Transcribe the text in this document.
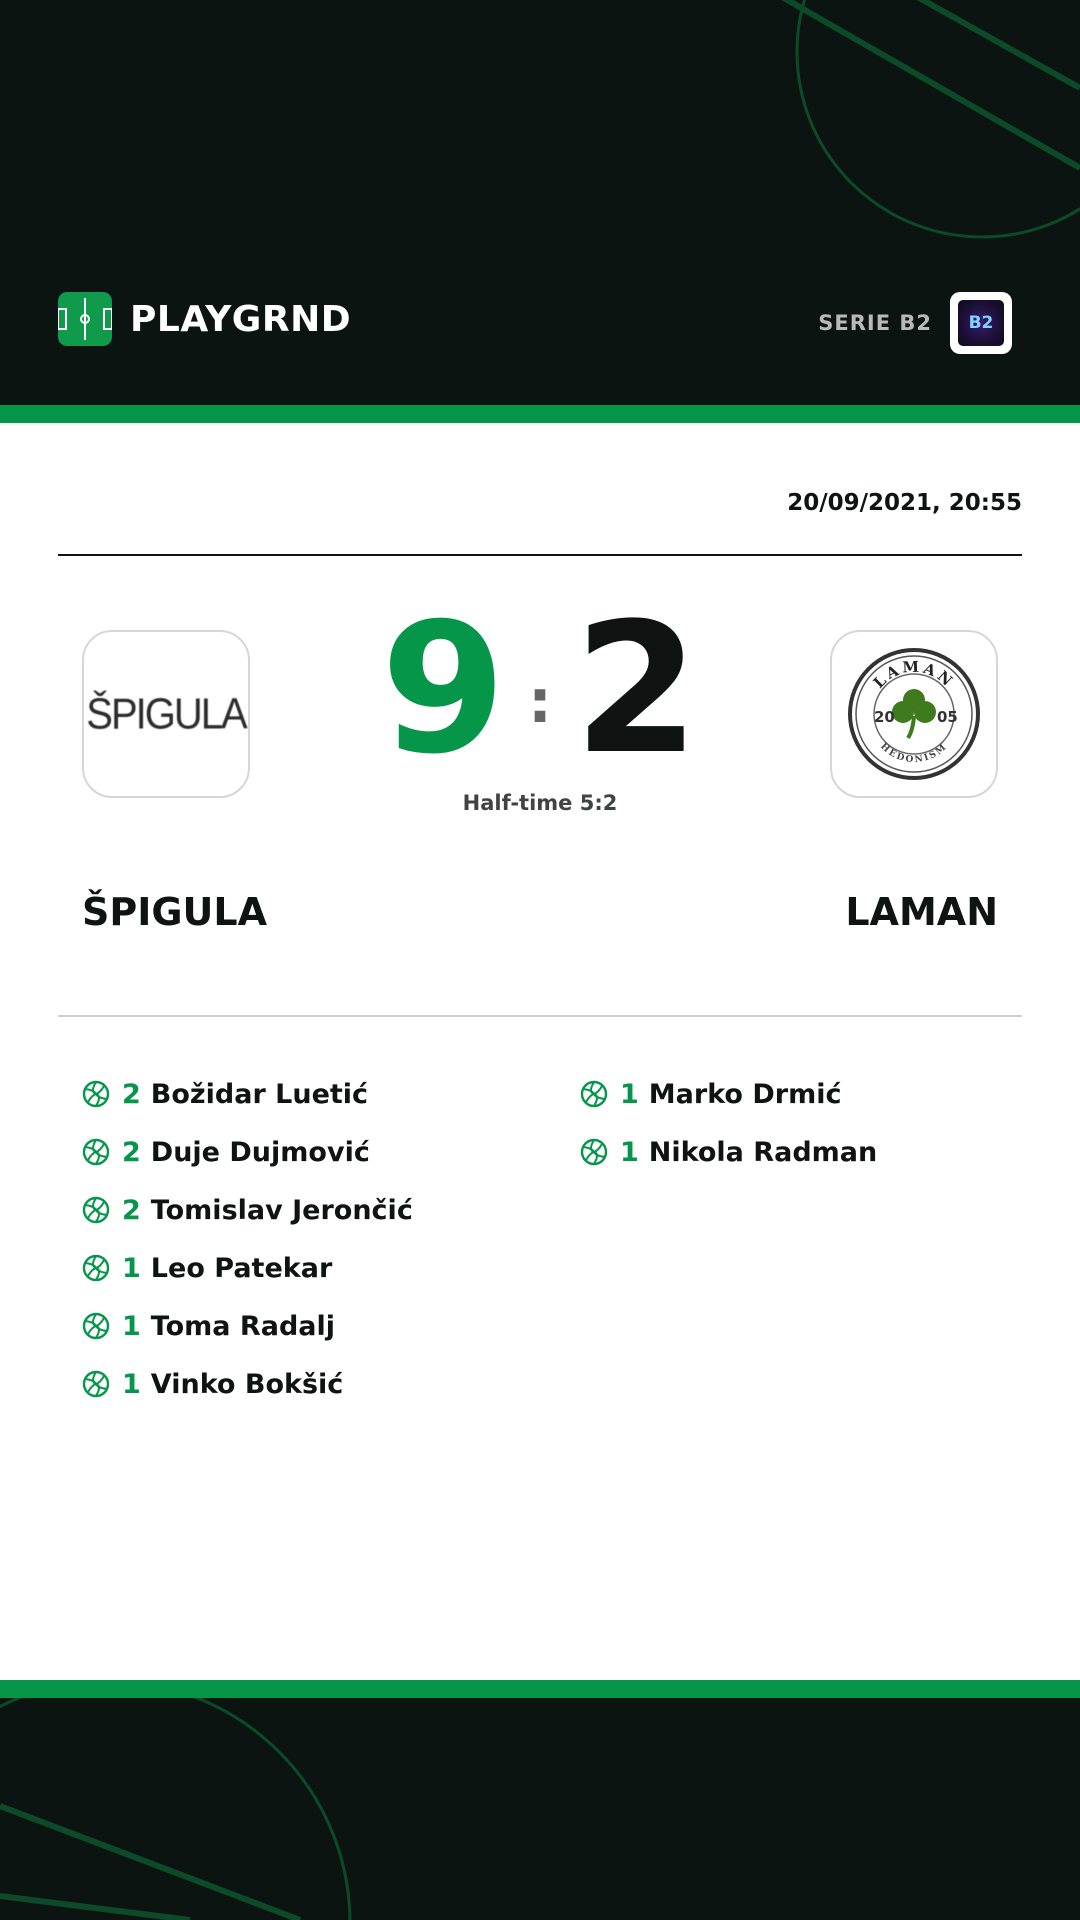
PLAYGRND	SERIE B2	B2
20/09/2021, 20:55
ŠPIGULA 9 : 2
Half-time 5:2
LAMAN
HEDONISM
20	05
ŠPIGULA	LAMAN
2 Božidar Luetić
2 Duje Dujmović
2 Tomislav Jerončić
1 Leo Patekar
1 Toma Radalj
1 Vinko Bokšić
1 Marko Drmić
1 Nikola Radman
